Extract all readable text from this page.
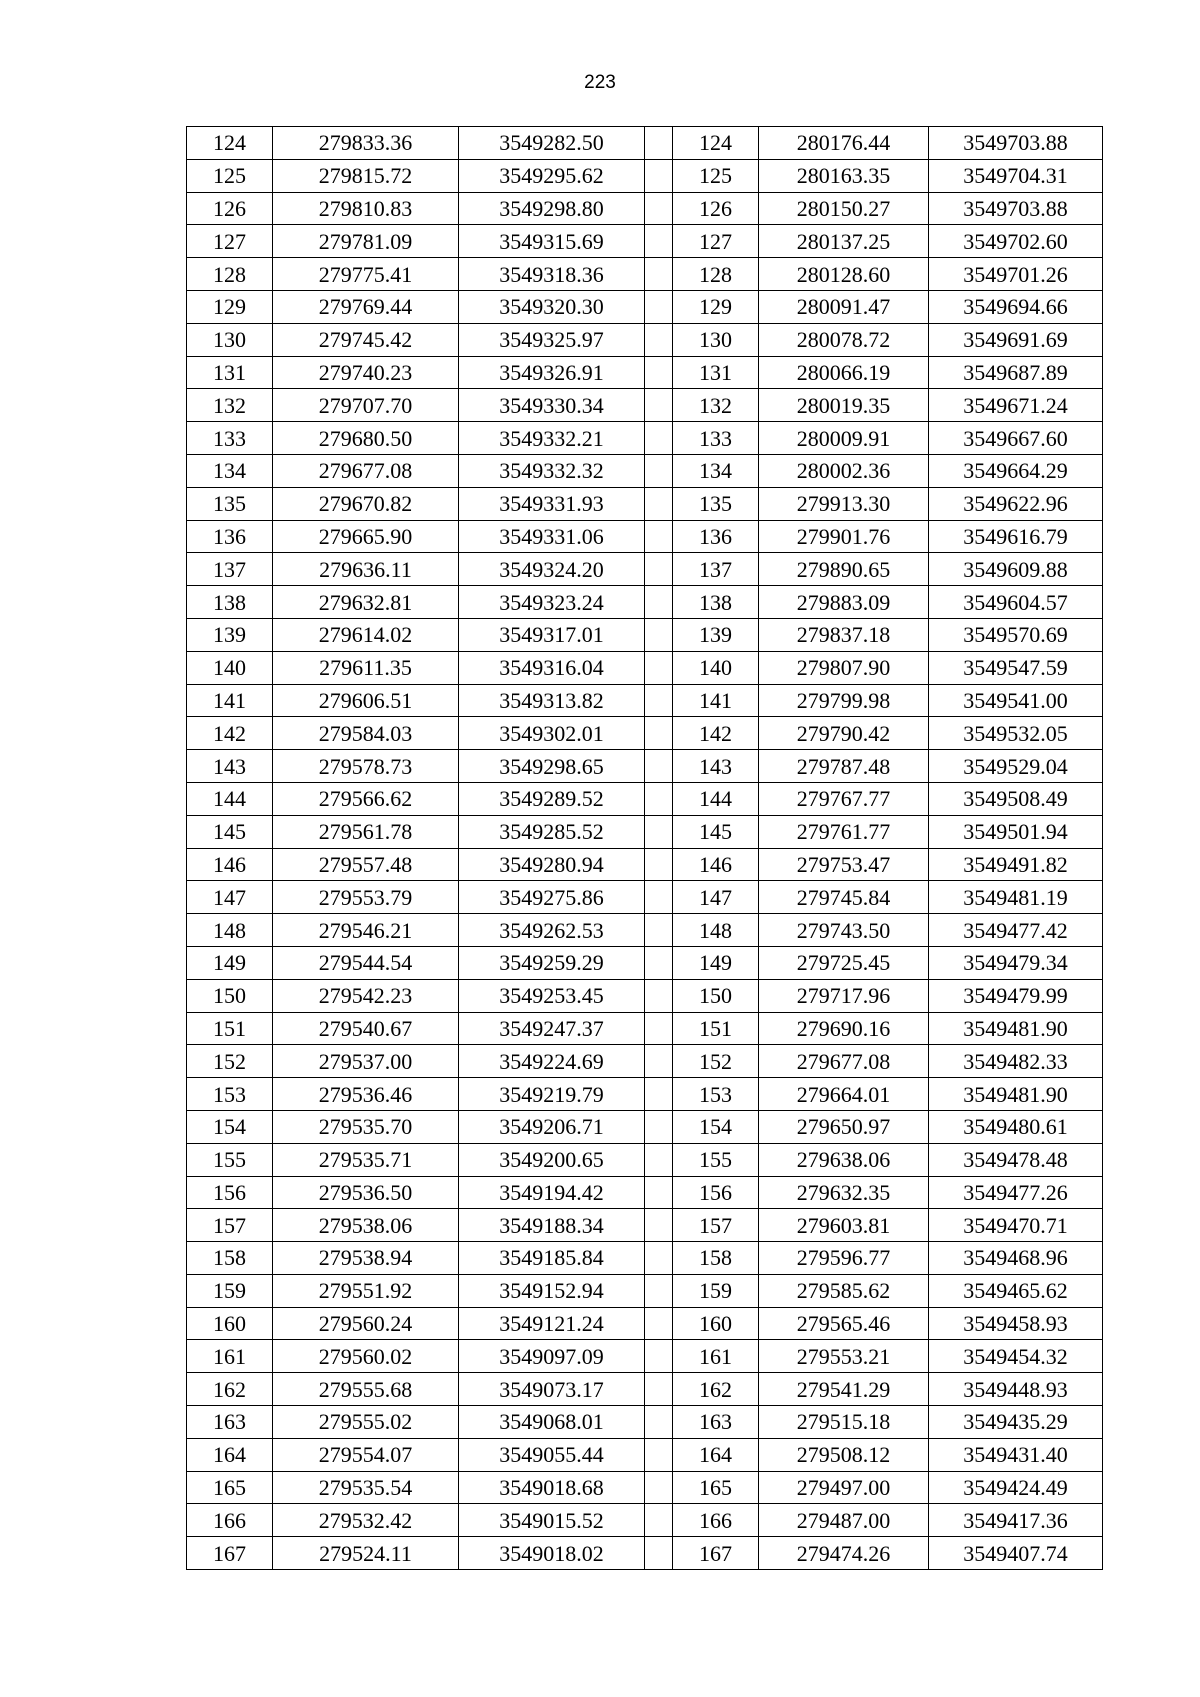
223
124	279833.36	3549282.50		124	280176.44	3549703.88
125	279815.72	3549295.62		125	280163.35	3549704.31
126	279810.83	3549298.80		126	280150.27	3549703.88
127	279781.09	3549315.69		127	280137.25	3549702.60
128	279775.41	3549318.36		128	280128.60	3549701.26
129	279769.44	3549320.30		129	280091.47	3549694.66
130	279745.42	3549325.97		130	280078.72	3549691.69
131	279740.23	3549326.91		131	280066.19	3549687.89
132	279707.70	3549330.34		132	280019.35	3549671.24
133	279680.50	3549332.21		133	280009.91	3549667.60
134	279677.08	3549332.32		134	280002.36	3549664.29
135	279670.82	3549331.93		135	279913.30	3549622.96
136	279665.90	3549331.06		136	279901.76	3549616.79
137	279636.11	3549324.20		137	279890.65	3549609.88
138	279632.81	3549323.24		138	279883.09	3549604.57
139	279614.02	3549317.01		139	279837.18	3549570.69
140	279611.35	3549316.04		140	279807.90	3549547.59
141	279606.51	3549313.82		141	279799.98	3549541.00
142	279584.03	3549302.01		142	279790.42	3549532.05
143	279578.73	3549298.65		143	279787.48	3549529.04
144	279566.62	3549289.52		144	279767.77	3549508.49
145	279561.78	3549285.52		145	279761.77	3549501.94
146	279557.48	3549280.94		146	279753.47	3549491.82
147	279553.79	3549275.86		147	279745.84	3549481.19
148	279546.21	3549262.53		148	279743.50	3549477.42
149	279544.54	3549259.29		149	279725.45	3549479.34
150	279542.23	3549253.45		150	279717.96	3549479.99
151	279540.67	3549247.37		151	279690.16	3549481.90
152	279537.00	3549224.69		152	279677.08	3549482.33
153	279536.46	3549219.79		153	279664.01	3549481.90
154	279535.70	3549206.71		154	279650.97	3549480.61
155	279535.71	3549200.65		155	279638.06	3549478.48
156	279536.50	3549194.42		156	279632.35	3549477.26
157	279538.06	3549188.34		157	279603.81	3549470.71
158	279538.94	3549185.84		158	279596.77	3549468.96
159	279551.92	3549152.94		159	279585.62	3549465.62
160	279560.24	3549121.24		160	279565.46	3549458.93
161	279560.02	3549097.09		161	279553.21	3549454.32
162	279555.68	3549073.17		162	279541.29	3549448.93
163	279555.02	3549068.01		163	279515.18	3549435.29
164	279554.07	3549055.44		164	279508.12	3549431.40
165	279535.54	3549018.68		165	279497.00	3549424.49
166	279532.42	3549015.52		166	279487.00	3549417.36
167	279524.11	3549018.02		167	279474.26	3549407.74
